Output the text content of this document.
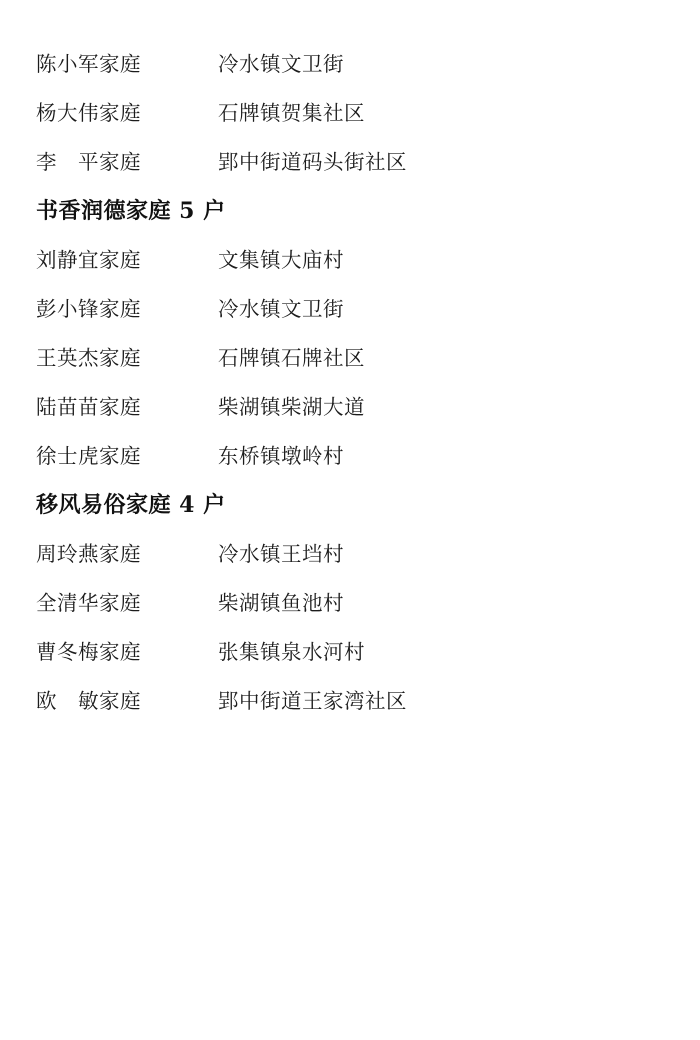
陈小军家庭	冷水镇文卫街
杨大伟家庭	石牌镇贺集社区
李　平家庭	郢中街道码头街社区
书香润德家庭 5 户
刘静宜家庭	文集镇大庙村
彭小锋家庭	冷水镇文卫街
王英杰家庭	石牌镇石牌社区
陆苗苗家庭	柴湖镇柴湖大道
徐士虎家庭	东桥镇墩岭村
移风易俗家庭 4 户
周玲燕家庭	冷水镇王垱村
全清华家庭	柴湖镇鱼池村
曹冬梅家庭	张集镇泉水河村
欧　敏家庭	郢中街道王家湾社区
